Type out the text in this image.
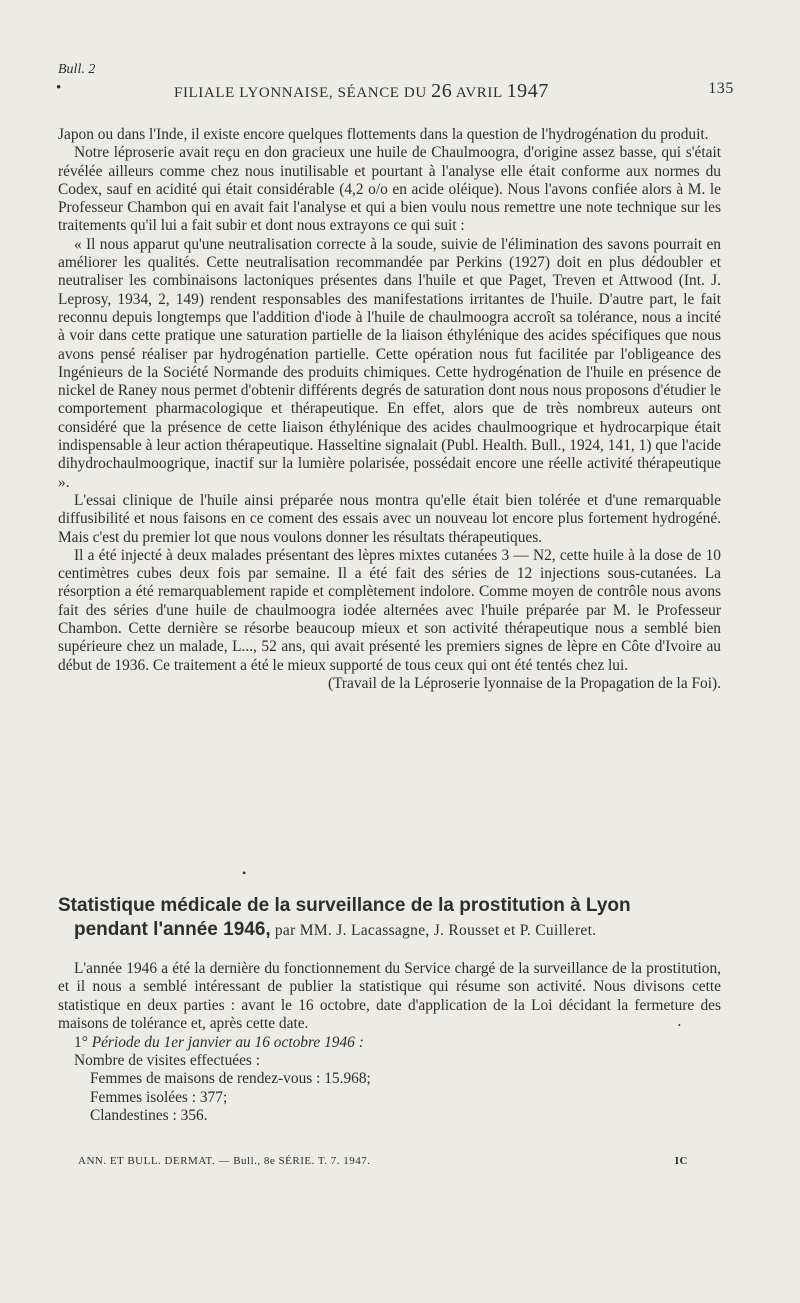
Bull. 2
•	FILIALE LYONNAISE, SÉANCE DU 26 AVRIL 1947	135

Japon ou dans l'Inde, il existe encore quelques flottements dans la question de l'hydrogénation du produit.

Notre léproserie avait reçu en don gracieux une huile de Chaulmoogra, d'origine assez basse, qui s'était révélée ailleurs comme chez nous inutilisable et pourtant à l'analyse elle était conforme aux normes du Codex, sauf en acidité qui était considérable (4,2 o/o en acide oléique). Nous l'avons confiée alors à M. le Professeur Chambon qui en avait fait l'analyse et qui a bien voulu nous remettre une note technique sur les traitements qu'il lui a fait subir et dont nous extrayons ce qui suit :

« Il nous apparut qu'une neutralisation correcte à la soude, suivie de l'élimination des savons pourrait en améliorer les qualités. Cette neutralisation recommandée par Perkins (1927) doit en plus dédoubler et neutraliser les combinaisons lactoniques présentes dans l'huile et que Paget, Treven et Attwood (Int. J. Leprosy, 1934, 2, 149) rendent responsables des manifestations irritantes de l'huile. D'autre part, le fait reconnu depuis longtemps que l'addition d'iode à l'huile de chaulmoogra accroît sa tolérance, nous a incité à voir dans cette pratique une saturation partielle de la liaison éthylénique des acides spécifiques que nous avons pensé réaliser par hydrogénation partielle. Cette opération nous fut facilitée par l'obligeance des Ingénieurs de la Société Normande des produits chimiques. Cette hydrogénation de l'huile en présence de nickel de Raney nous permet d'obtenir différents degrés de saturation dont nous nous proposons d'étudier le comportement pharmacologique et thérapeutique. En effet, alors que de très nombreux auteurs ont considéré que la présence de cette liaison éthylénique des acides chaulmoogrique et hydrocarpique était indispensable à leur action thérapeutique. Hasseltine signalait (Publ. Health. Bull., 1924, 141, 1) que l'acide dihydrochaulmoogrique, inactif sur la lumière polarisée, possédait encore une réelle activité thérapeutique ».

L'essai clinique de l'huile ainsi préparée nous montra qu'elle était bien tolérée et d'une remarquable diffusibilité et nous faisons en ce coment des essais avec un nouveau lot encore plus fortement hydrogéné. Mais c'est du premier lot que nous voulons donner les résultats thérapeutiques.

Il a été injecté à deux malades présentant des lèpres mixtes cutanées 3 — N2, cette huile à la dose de 10 centimètres cubes deux fois par semaine. Il a été fait des séries de 12 injections sous-cutanées. La résorption a été remarquablement rapide et complètement indolore. Comme moyen de contrôle nous avons fait des séries d'une huile de chaulmoogra iodée alternées avec l'huile préparée par M. le Professeur Chambon. Cette dernière se résorbe beaucoup mieux et son activité thérapeutique nous a semblé bien supérieure chez un malade, L..., 52 ans, qui avait présenté les premiers signes de lèpre en Côte d'Ivoire au début de 1936. Ce traitement a été le mieux supporté de tous ceux qui ont été tentés chez lui.

(Travail de la Léproserie lyonnaise de la Propagation de la Foi).

•
Statistique médicale de la surveillance de la prostitution à Lyon
pendant l'année 1946, par MM. J. Lacassagne, J. Rousset et P. Cuilleret.

L'année 1946 a été la dernière du fonctionnement du Service chargé de la surveillance de la prostitution, et il nous a semblé intéressant de publier la statistique qui résume son activité. Nous divisons cette statistique en deux parties : avant le 16 octobre, date d'application de la Loi décidant la fermeture des maisons de tolérance et, après cette date.

1° Période du 1er janvier au 16 octobre 1946 :

Nombre de visites effectuées :

Femmes de maisons de rendez-vous : 15.968;

Femmes isolées : 377;

Clandestines : 356.

•
ANN. ET BULL. DERMAT. — Bull., 8e SÉRIE. T. 7. 1947.	IC
